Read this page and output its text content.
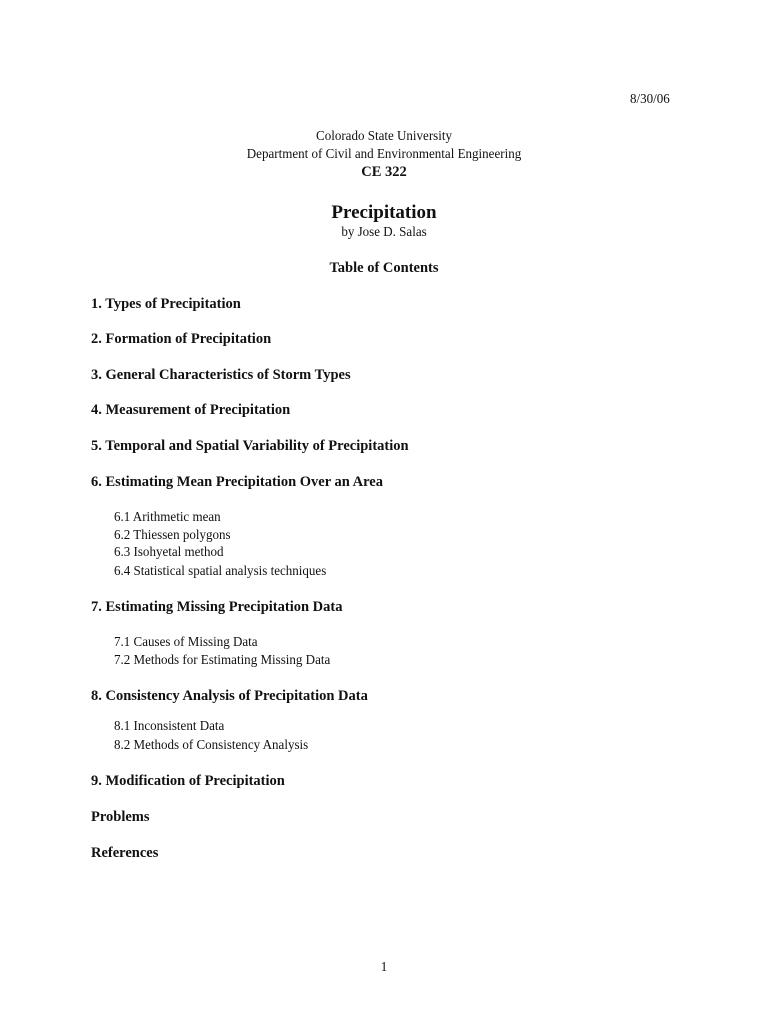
8/30/06
Colorado State University
Department of Civil and Environmental Engineering
CE 322
Precipitation
by Jose D. Salas
Table of Contents
1. Types of Precipitation
2. Formation of Precipitation
3. General Characteristics of Storm Types
4. Measurement of Precipitation
5. Temporal and Spatial Variability of Precipitation
6. Estimating Mean Precipitation Over an Area
6.1 Arithmetic mean
6.2 Thiessen polygons
6.3 Isohyetal method
6.4 Statistical spatial analysis techniques
7. Estimating Missing Precipitation Data
7.1 Causes of Missing Data
7.2 Methods for Estimating Missing Data
8. Consistency Analysis of Precipitation Data
8.1 Inconsistent Data
8.2 Methods of Consistency Analysis
9. Modification of Precipitation
Problems
References
1
